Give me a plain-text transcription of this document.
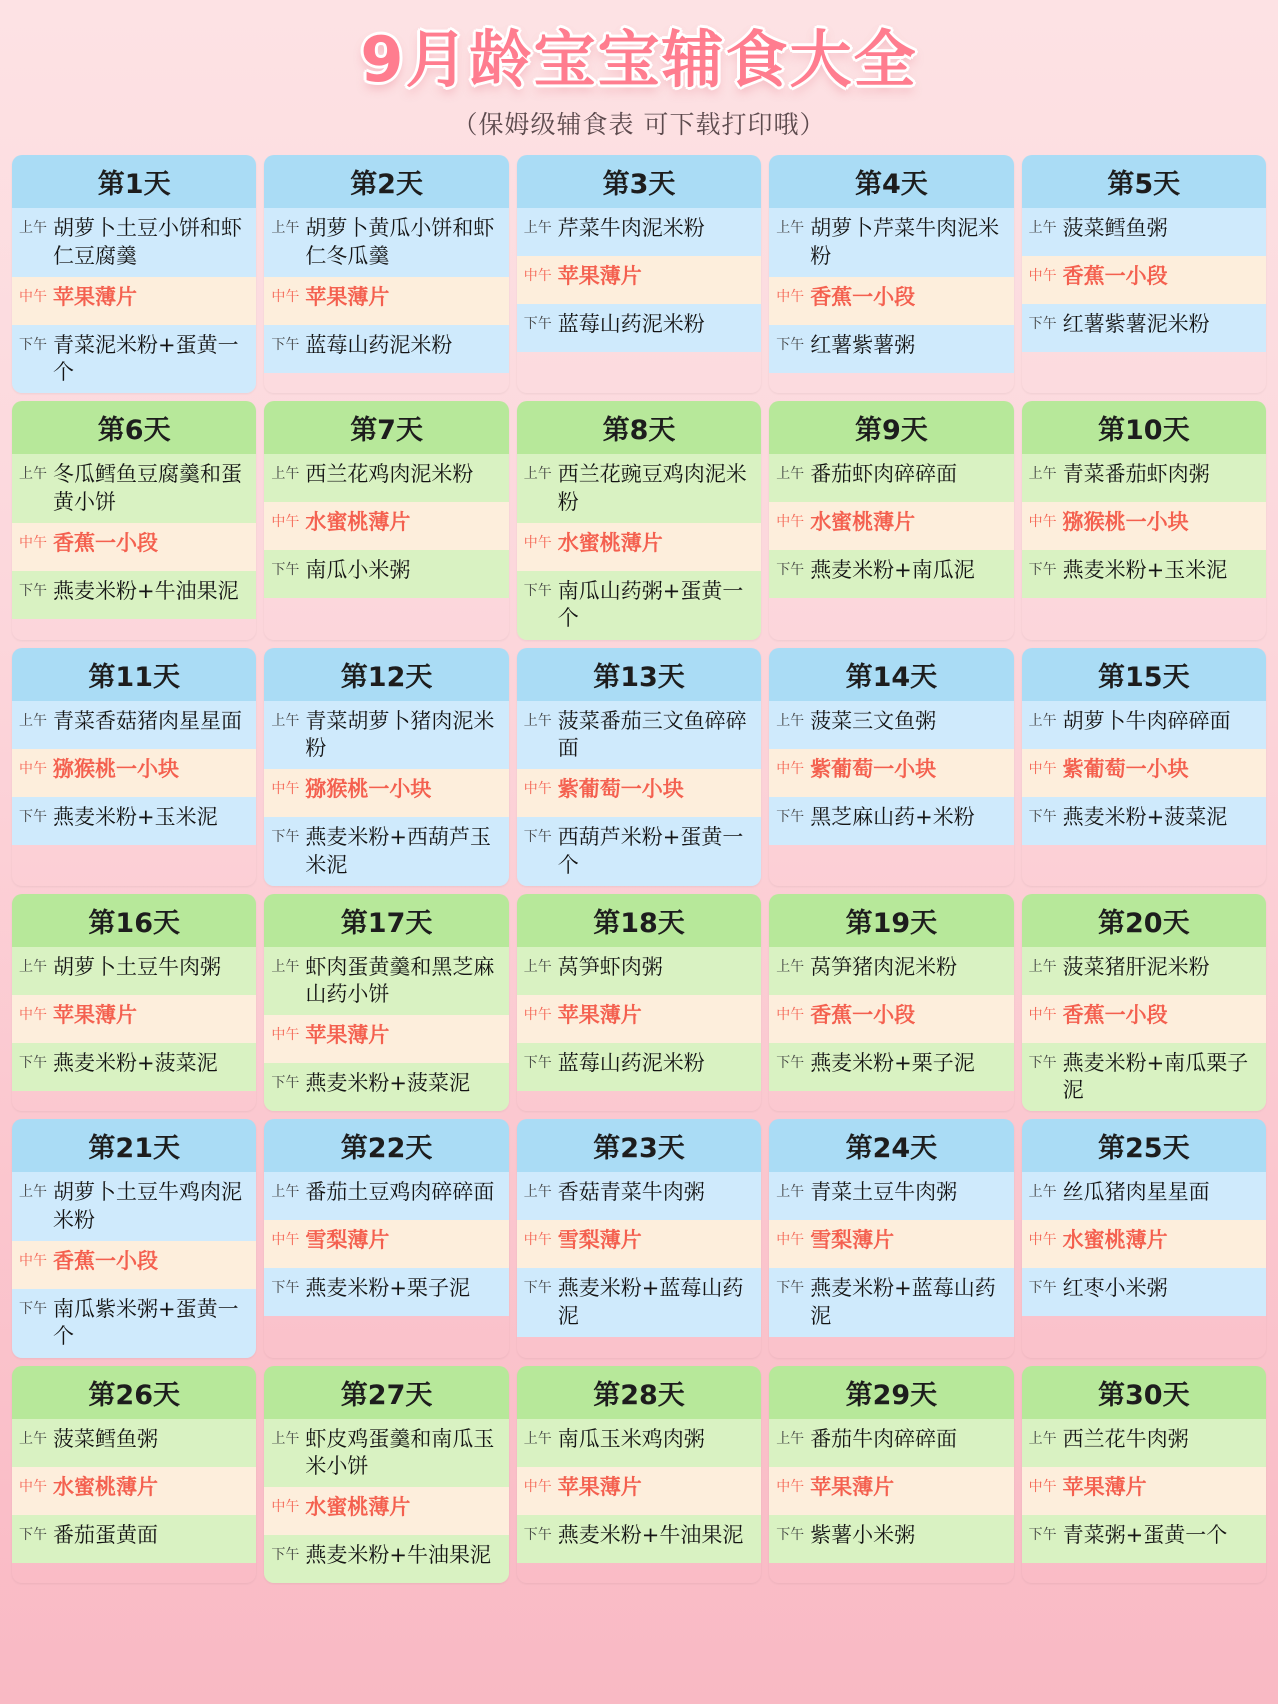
9月龄宝宝辅食大全
（保姆级辅食表 可下载打印哦）
第1天
上午 胡萝卜土豆小饼和虾仁豆腐羹
中午 苹果薄片
下午 青菜泥米粉+蛋黄一个
第2天
上午 胡萝卜黄瓜小饼和虾仁冬瓜羹
中午 苹果薄片
下午 蓝莓山药泥米粉
第3天
上午 芹菜牛肉泥米粉
中午 苹果薄片
下午 蓝莓山药泥米粉
第4天
上午 胡萝卜芹菜牛肉泥米粉
中午 香蕉一小段
下午 红薯紫薯粥
第5天
上午 菠菜鳕鱼粥
中午 香蕉一小段
下午 红薯紫薯泥米粉
第6天
上午 冬瓜鳕鱼豆腐羹和蛋黄小饼
中午 香蕉一小段
下午 燕麦米粉+牛油果泥
第7天
上午 西兰花鸡肉泥米粉
中午 水蜜桃薄片
下午 南瓜小米粥
第8天
上午 西兰花豌豆鸡肉泥米粉
中午 水蜜桃薄片
下午 南瓜山药粥+蛋黄一个
第9天
上午 番茄虾肉碎碎面
中午 水蜜桃薄片
下午 燕麦米粉+南瓜泥
第10天
上午 青菜番茄虾肉粥
中午 猕猴桃一小块
下午 燕麦米粉+玉米泥
第11天
上午 青菜香菇猪肉星星面
中午 猕猴桃一小块
下午 燕麦米粉+玉米泥
第12天
上午 青菜胡萝卜猪肉泥米粉
中午 猕猴桃一小块
下午 燕麦米粉+西葫芦玉米泥
第13天
上午 菠菜番茄三文鱼碎碎面
中午 紫葡萄一小块
下午 西葫芦米粉+蛋黄一个
第14天
上午 菠菜三文鱼粥
中午 紫葡萄一小块
下午 黑芝麻山药+米粉
第15天
上午 胡萝卜牛肉碎碎面
中午 紫葡萄一小块
下午 燕麦米粉+菠菜泥
第16天
上午 胡萝卜土豆牛肉粥
中午 苹果薄片
下午 燕麦米粉+菠菜泥
第17天
上午 虾肉蛋黄羹和黑芝麻山药小饼
中午 苹果薄片
下午 燕麦米粉+菠菜泥
第18天
上午 莴笋虾肉粥
中午 苹果薄片
下午 蓝莓山药泥米粉
第19天
上午 莴笋猪肉泥米粉
中午 香蕉一小段
下午 燕麦米粉+栗子泥
第20天
上午 菠菜猪肝泥米粉
中午 香蕉一小段
下午 燕麦米粉+南瓜栗子泥
第21天
上午 胡萝卜土豆牛鸡肉泥米粉
中午 香蕉一小段
下午 南瓜紫米粥+蛋黄一个
第22天
上午 番茄土豆鸡肉碎碎面
中午 雪梨薄片
下午 燕麦米粉+栗子泥
第23天
上午 香菇青菜牛肉粥
中午 雪梨薄片
下午 燕麦米粉+蓝莓山药泥
第24天
上午 青菜土豆牛肉粥
中午 雪梨薄片
下午 燕麦米粉+蓝莓山药泥
第25天
上午 丝瓜猪肉星星面
中午 水蜜桃薄片
下午 红枣小米粥
第26天
上午 菠菜鳕鱼粥
中午 水蜜桃薄片
下午 番茄蛋黄面
第27天
上午 虾皮鸡蛋羹和南瓜玉米小饼
中午 水蜜桃薄片
下午 燕麦米粉+牛油果泥
第28天
上午 南瓜玉米鸡肉粥
中午 苹果薄片
下午 燕麦米粉+牛油果泥
第29天
上午 番茄牛肉碎碎面
中午 苹果薄片
下午 紫薯小米粥
第30天
上午 西兰花牛肉粥
中午 苹果薄片
下午 青菜粥+蛋黄一个
